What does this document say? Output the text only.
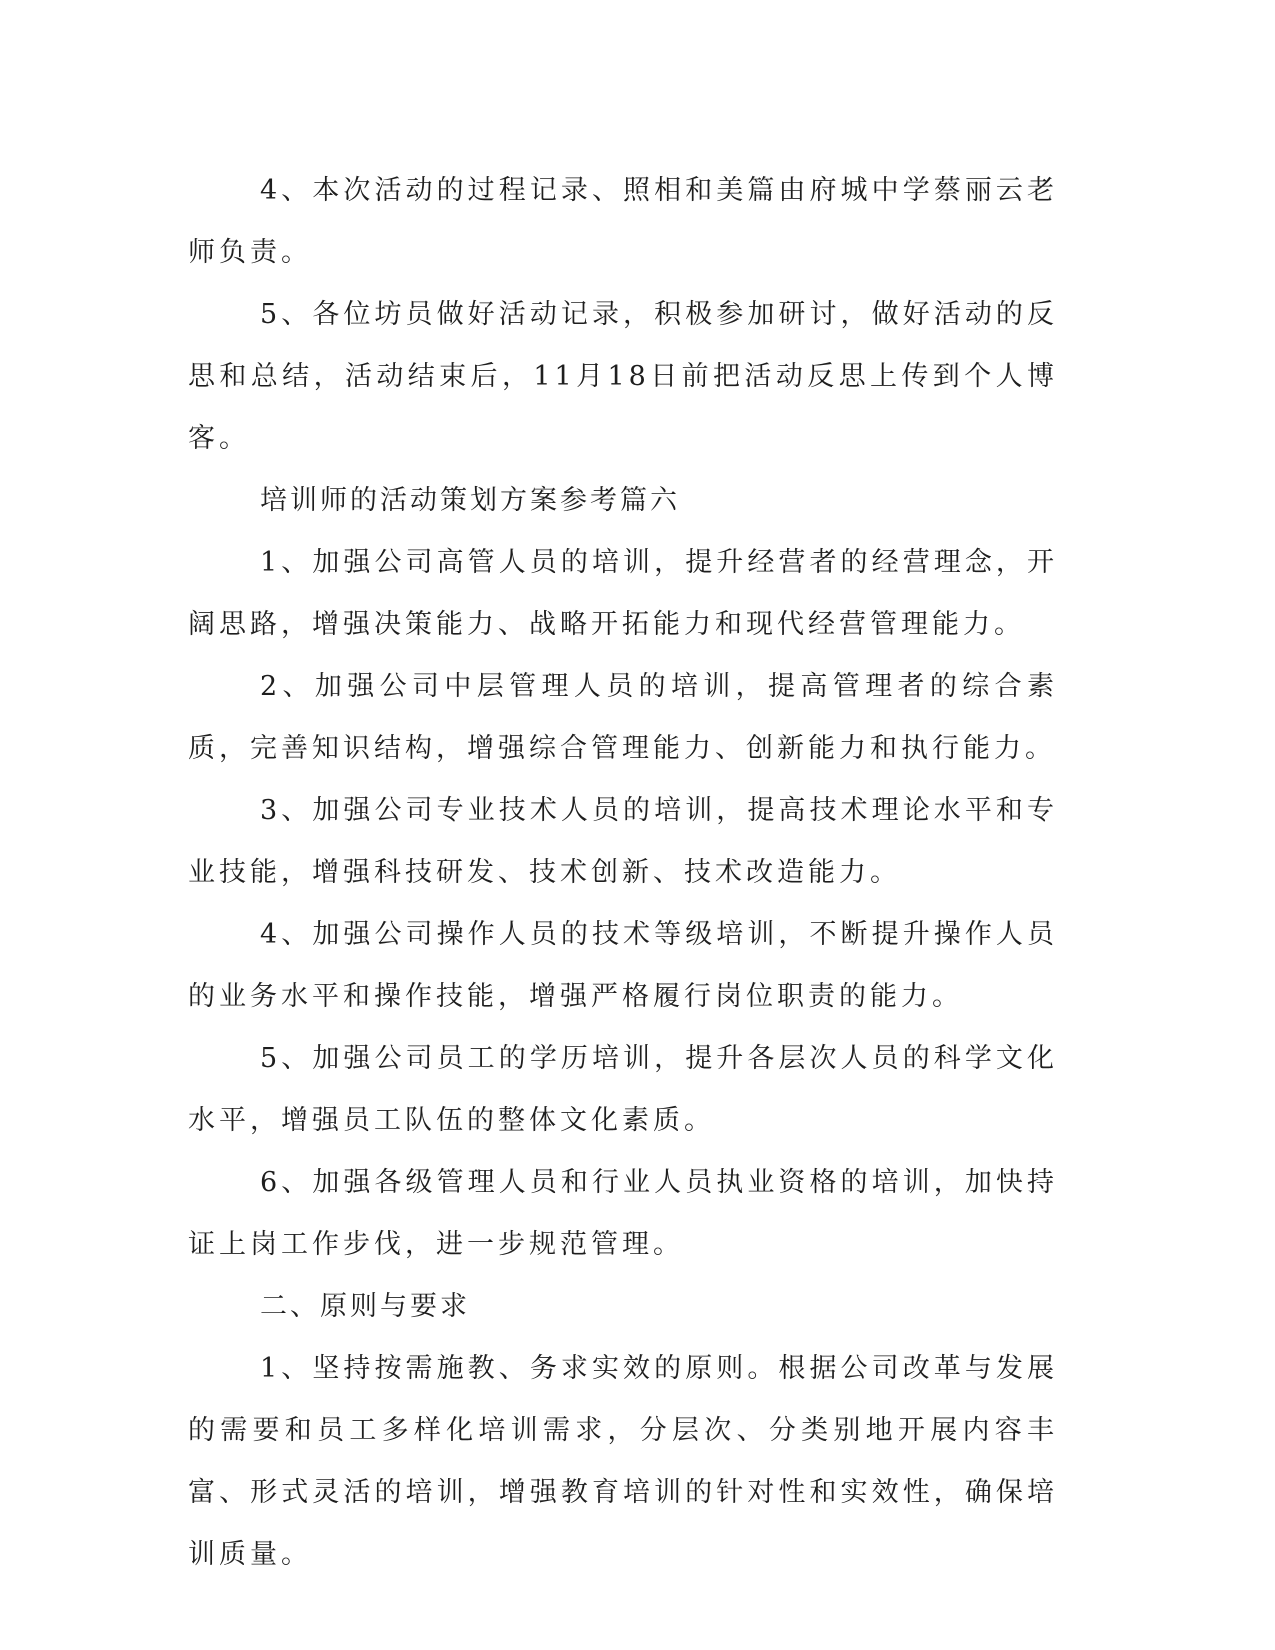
4、本次活动的过程记录、照相和美篇由府城中学蔡丽云老师负责。

5、各位坊员做好活动记录，积极参加研讨，做好活动的反思和总结，活动结束后，11月18日前把活动反思上传到个人博客。

培训师的活动策划方案参考篇六

1、加强公司高管人员的培训，提升经营者的经营理念，开阔思路，增强决策能力、战略开拓能力和现代经营管理能力。

2、加强公司中层管理人员的培训，提高管理者的综合素质，完善知识结构，增强综合管理能力、创新能力和执行能力。

3、加强公司专业技术人员的培训，提高技术理论水平和专业技能，增强科技研发、技术创新、技术改造能力。

4、加强公司操作人员的技术等级培训，不断提升操作人员的业务水平和操作技能，增强严格履行岗位职责的能力。

5、加强公司员工的学历培训，提升各层次人员的科学文化水平，增强员工队伍的整体文化素质。

6、加强各级管理人员和行业人员执业资格的培训，加快持证上岗工作步伐，进一步规范管理。

二、原则与要求

1、坚持按需施教、务求实效的原则。根据公司改革与发展的需要和员工多样化培训需求，分层次、分类别地开展内容丰富、形式灵活的培训，增强教育培训的针对性和实效性，确保培训质量。
